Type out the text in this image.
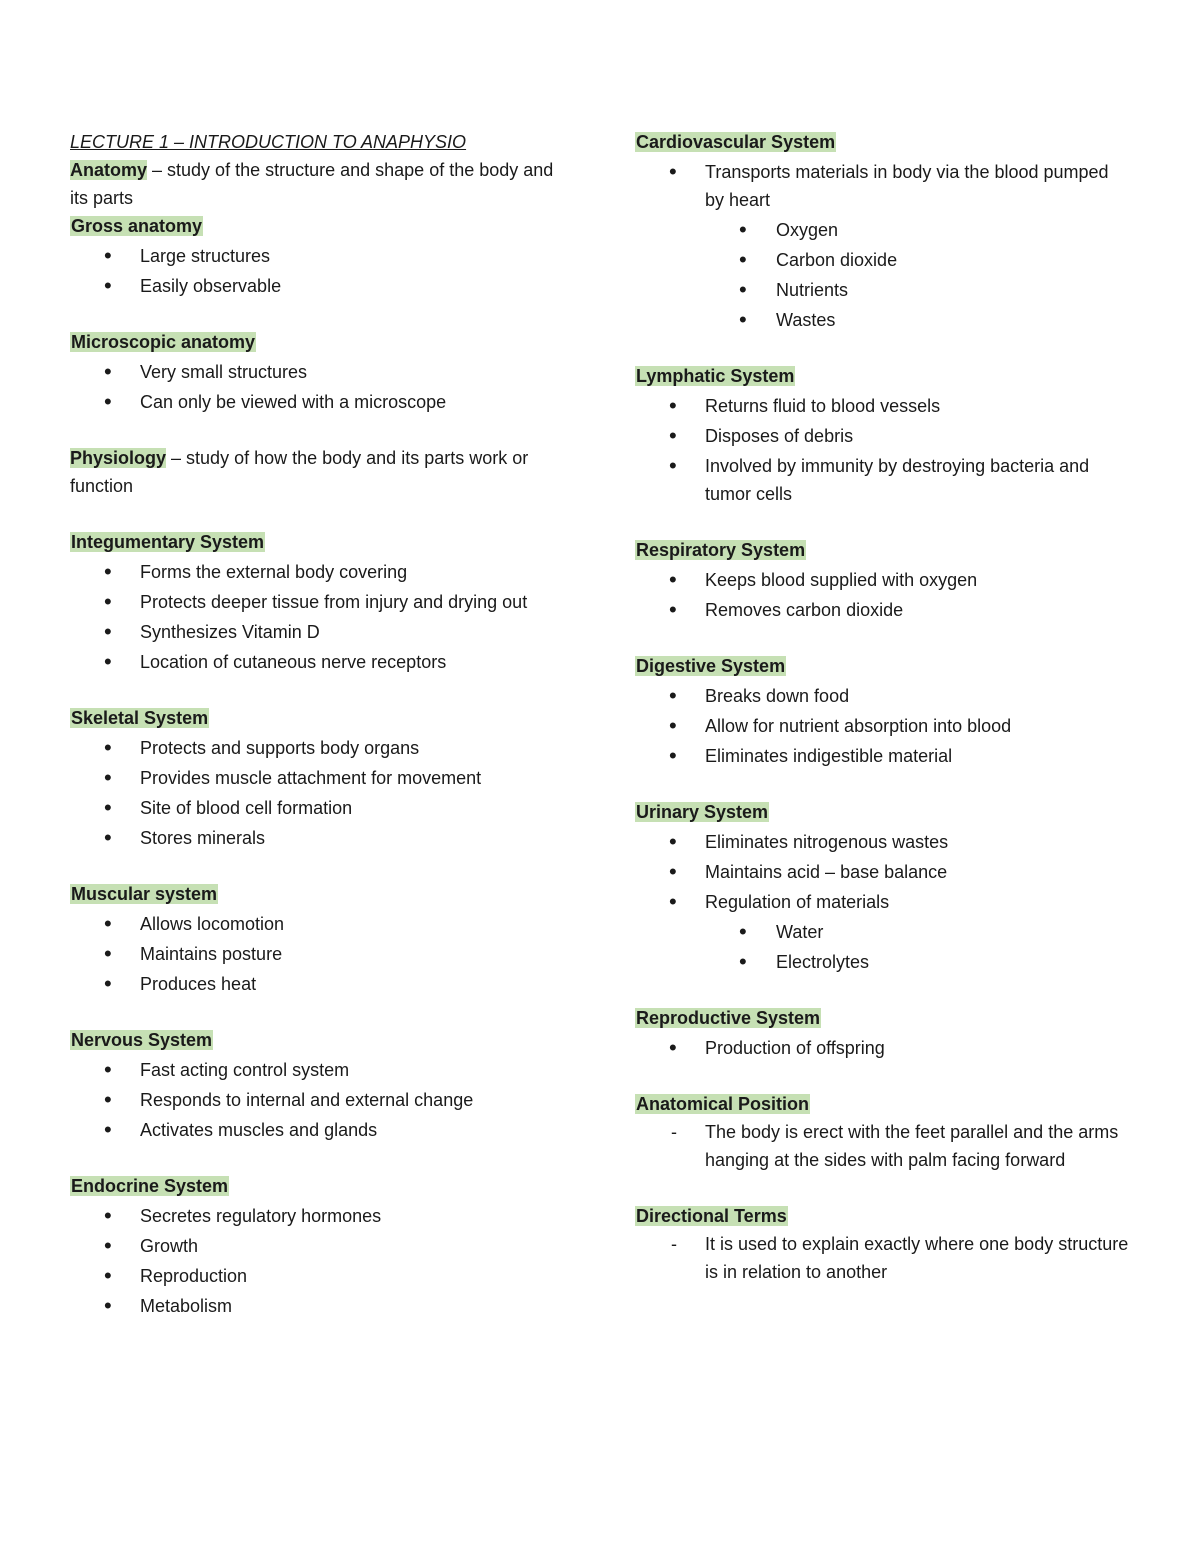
LECTURE 1 – INTRODUCTION TO ANAPHYSIO

Anatomy – study of the structure and shape of the body and its parts

Gross anatomy

• Large structures
• Easily observable

Microscopic anatomy

• Very small structures
• Can only be viewed with a microscope

Physiology – study of how the body and its parts work or function

Integumentary System

• Forms the external body covering
• Protects deeper tissue from injury and drying out
• Synthesizes Vitamin D
• Location of cutaneous nerve receptors

Skeletal System

• Protects and supports body organs
• Provides muscle attachment for movement
• Site of blood cell formation
• Stores minerals

Muscular system

• Allows locomotion
• Maintains posture
• Produces heat

Nervous System

• Fast acting control system
• Responds to internal and external change
• Activates muscles and glands

Endocrine System

• Secretes regulatory hormones
• Growth
• Reproduction
• Metabolism

Cardiovascular System

• Transports materials in body via the blood pumped by heart
• Oxygen
• Carbon dioxide
• Nutrients
• Wastes

Lymphatic System

• Returns fluid to blood vessels
• Disposes of debris
• Involved by immunity by destroying bacteria and tumor cells

Respiratory System

• Keeps blood supplied with oxygen
• Removes carbon dioxide

Digestive System

• Breaks down food
• Allow for nutrient absorption into blood
• Eliminates indigestible material

Urinary System

• Eliminates nitrogenous wastes
• Maintains acid – base balance
• Regulation of materials
• Water
• Electrolytes

Reproductive System

• Production of offspring

Anatomical Position

- The body is erect with the feet parallel and the arms hanging at the sides with palm facing forward

Directional Terms

- It is used to explain exactly where one body structure is in relation to another
